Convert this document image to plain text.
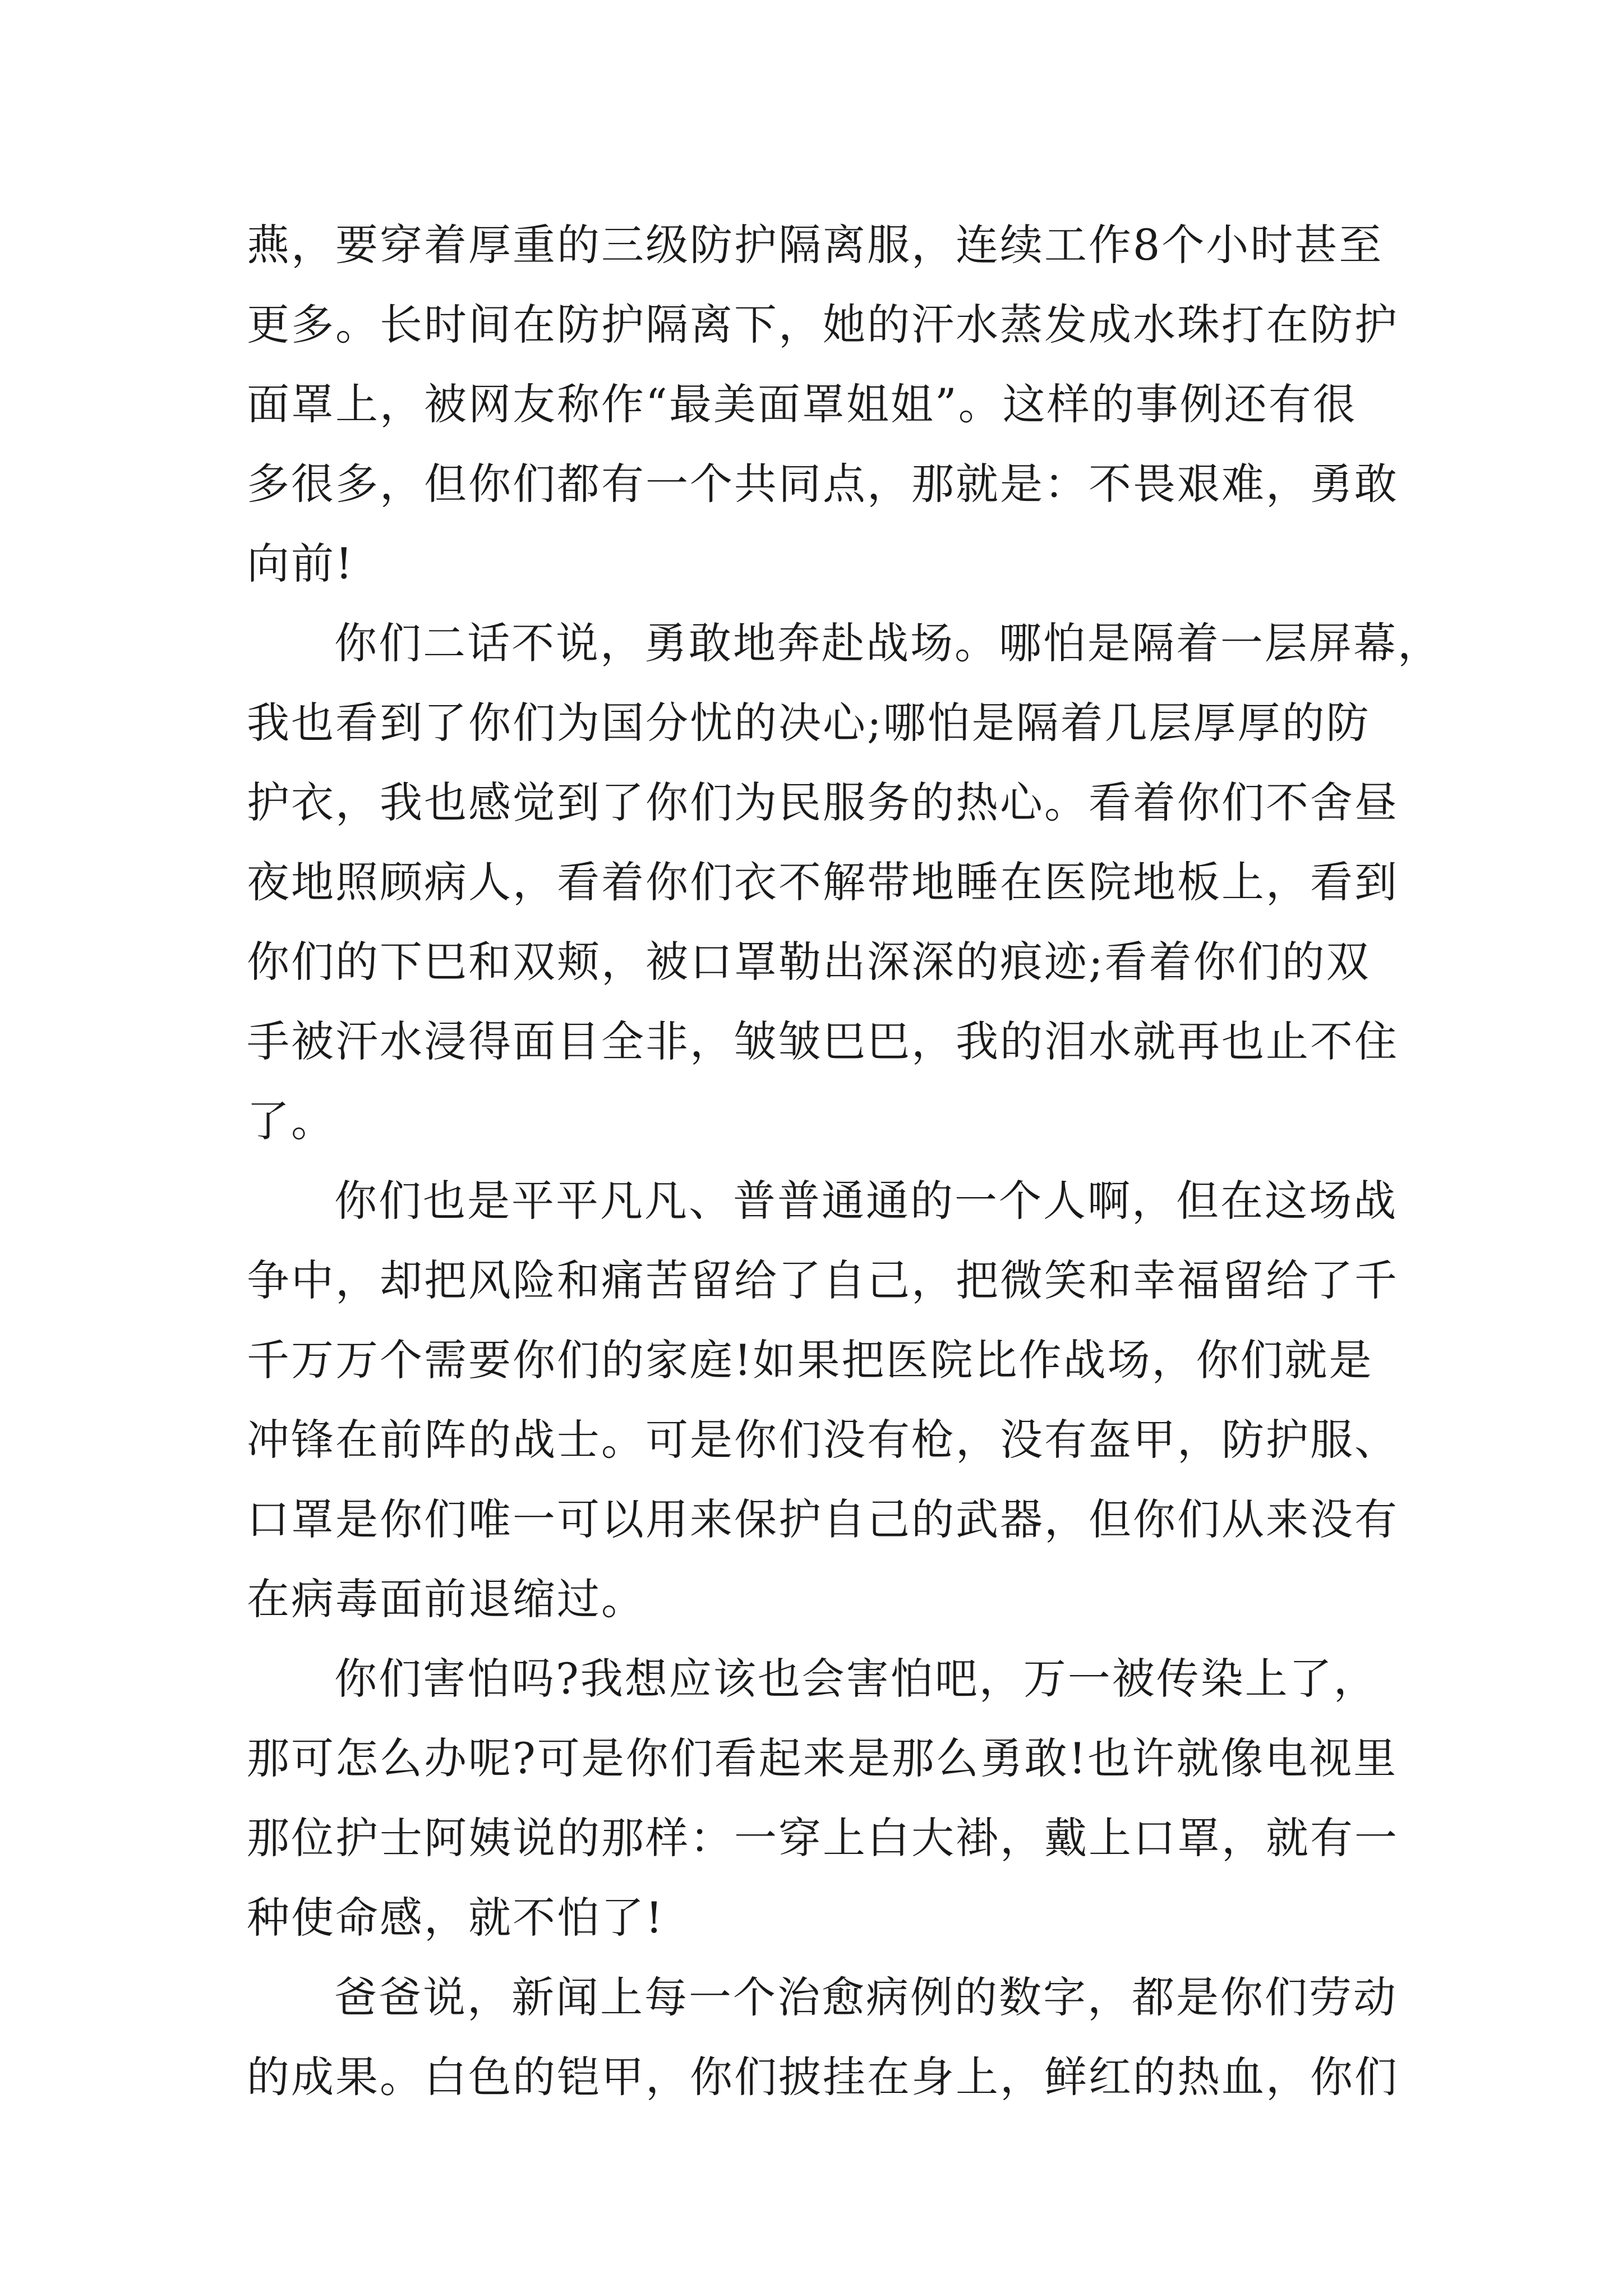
燕，要穿着厚重的三级防护隔离服，连续工作8个小时甚至
更多。长时间在防护隔离下，她的汗水蒸发成水珠打在防护
面罩上，被网友称作“最美面罩姐姐”。这样的事例还有很
多很多，但你们都有一个共同点，那就是：不畏艰难，勇敢
向前!
你们二话不说，勇敢地奔赴战场。哪怕是隔着一层屏幕，
我也看到了你们为国分忧的决心;哪怕是隔着几层厚厚的防
护衣，我也感觉到了你们为民服务的热心。看着你们不舍昼
夜地照顾病人，看着你们衣不解带地睡在医院地板上，看到
你们的下巴和双颊，被口罩勒出深深的痕迹;看着你们的双
手被汗水浸得面目全非，皱皱巴巴，我的泪水就再也止不住
了。
你们也是平平凡凡、普普通通的一个人啊，但在这场战
争中，却把风险和痛苦留给了自己，把微笑和幸福留给了千
千万万个需要你们的家庭!如果把医院比作战场，你们就是
冲锋在前阵的战士。可是你们没有枪，没有盔甲，防护服、
口罩是你们唯一可以用来保护自己的武器，但你们从来没有
在病毒面前退缩过。
你们害怕吗?我想应该也会害怕吧，万一被传染上了，
那可怎么办呢?可是你们看起来是那么勇敢!也许就像电视里
那位护士阿姨说的那样：一穿上白大褂，戴上口罩，就有一
种使命感，就不怕了!
爸爸说，新闻上每一个治愈病例的数字，都是你们劳动
的成果。白色的铠甲，你们披挂在身上，鲜红的热血，你们
